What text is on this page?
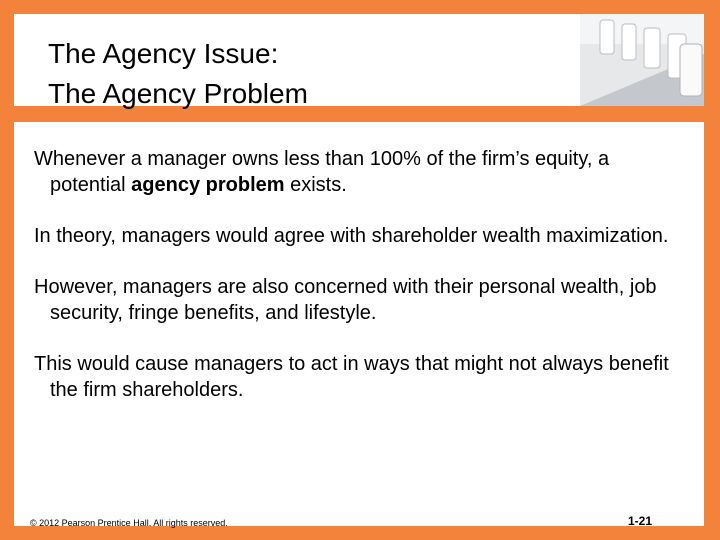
The Agency Issue:
The Agency Problem
Whenever a manager owns less than 100% of the firm’s equity, a potential agency problem exists.
In theory, managers would agree with shareholder wealth maximization.
However, managers are also concerned with their personal wealth, job security, fringe benefits, and lifestyle.
This would cause managers to act in ways that might not always benefit the firm shareholders.
© 2012 Pearson Prentice Hall. All rights reserved.	1-21
